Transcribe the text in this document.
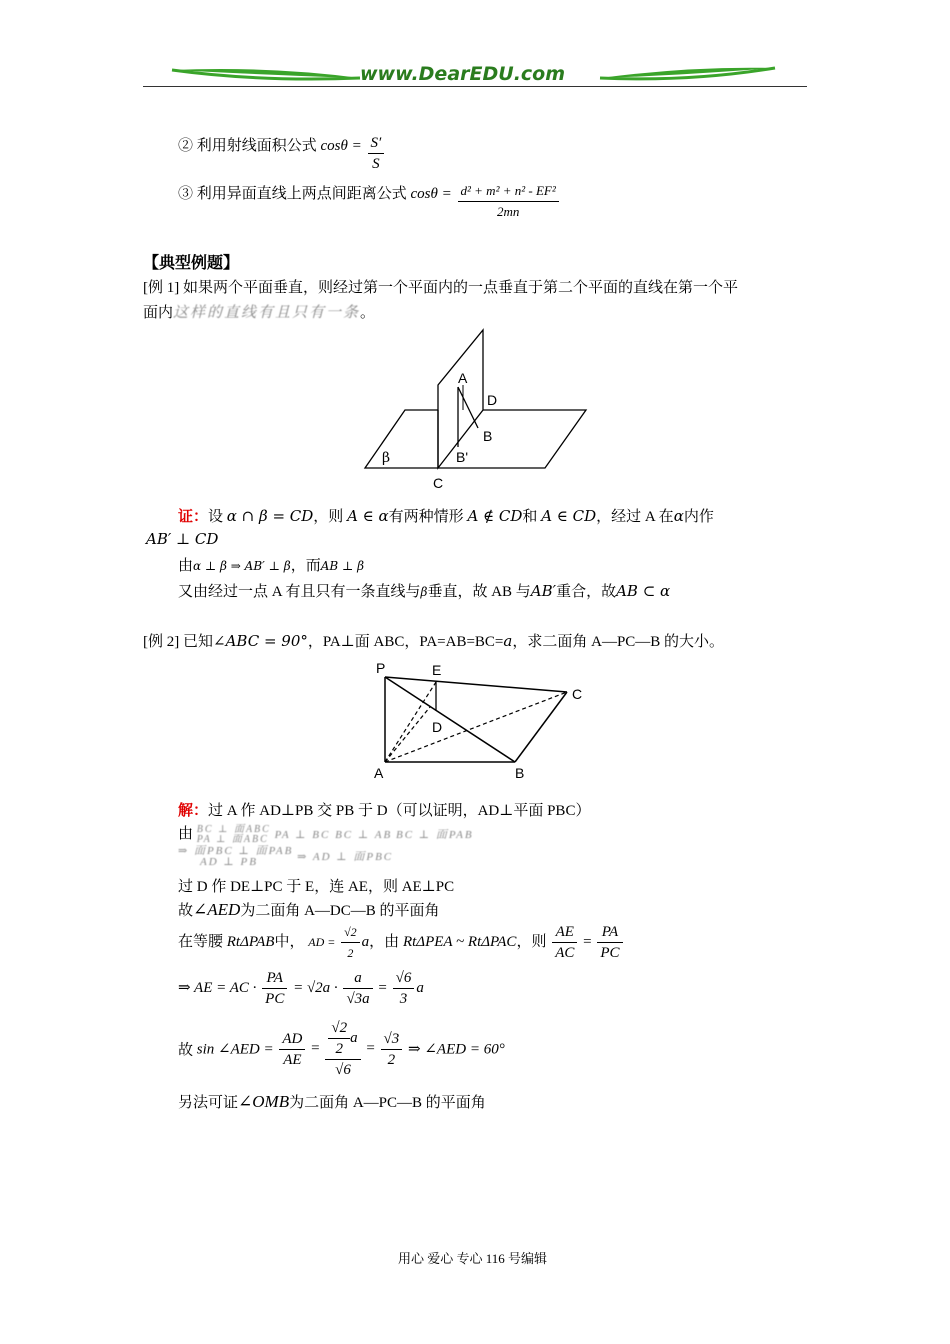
www.DearEDU.com
② 利用射线面积公式 $\cos\theta = \frac{S'}{S}$
③ 利用异面直线上两点间距离公式 $\cos\theta = \frac{\text{d² + m² + n² - EF²}}{2mn}$
【典型例题】
[例 1] 如果两个平面垂直，则经过第一个平面内的一点垂直于第二个平面的直线在第一个平
面内这样的直线有且只有一条。
A
D
B
β	B'
C
证：设 α ∩ β = CD，则 A ∈ α有两种情形 A ∉ CD和 A ∈ CD，经过 A 在α内作
AB′ ⊥ CD
由α ⊥ β ⇒ AB′ ⊥ β，而AB ⊥ β
又由经过一点 A 有且只有一条直线与β垂直，故 AB 与AB′重合，故AB ⊂ α
[例 2] 已知∠ABC = 90°，PA⊥面 ABC，PA=AB=BC=a，求二面角 A—PC—B 的大小。
P	E
C
D
A	B
解：过 A 作 AD⊥PB 交 PB 于 D（可以证明，AD⊥平面 PBC）
由 BC ⊥ 面ABC
PA ⊥ 面ABC PA ⊥ BC BC ⊥ AB BC ⊥ 面PAB
⇒ 面PBC ⊥ 面PAB
AD ⊥ PB	⇒ AD ⊥ 面PBC
过 D 作 DE⊥PC 于 E，连 AE，则 AE⊥PC
故∠AED为二面角 A—DC—B 的平面角
在等腰 RtΔPAB中， AD = $\frac{√2}{2}$ a，由 RtΔPEA ~ RtΔPAC，则 $\frac{AE}{AC} = \frac{PA}{PC}$
⇒ AE = AC · $\frac{PA}{PC} = √2a \cdot \frac{a}{√3a} = \frac{√6}{3}$ a
故 sin ∠AED = $\frac{AD}{AE} = \frac{\frac{√2}{2} a}{√6} = \frac{√3}{2}$ ⇒ ∠AED = 60°
另法可证∠OMB为二面角 A—PC—B 的平面角
用心 爱心 专心 116 号编辑
